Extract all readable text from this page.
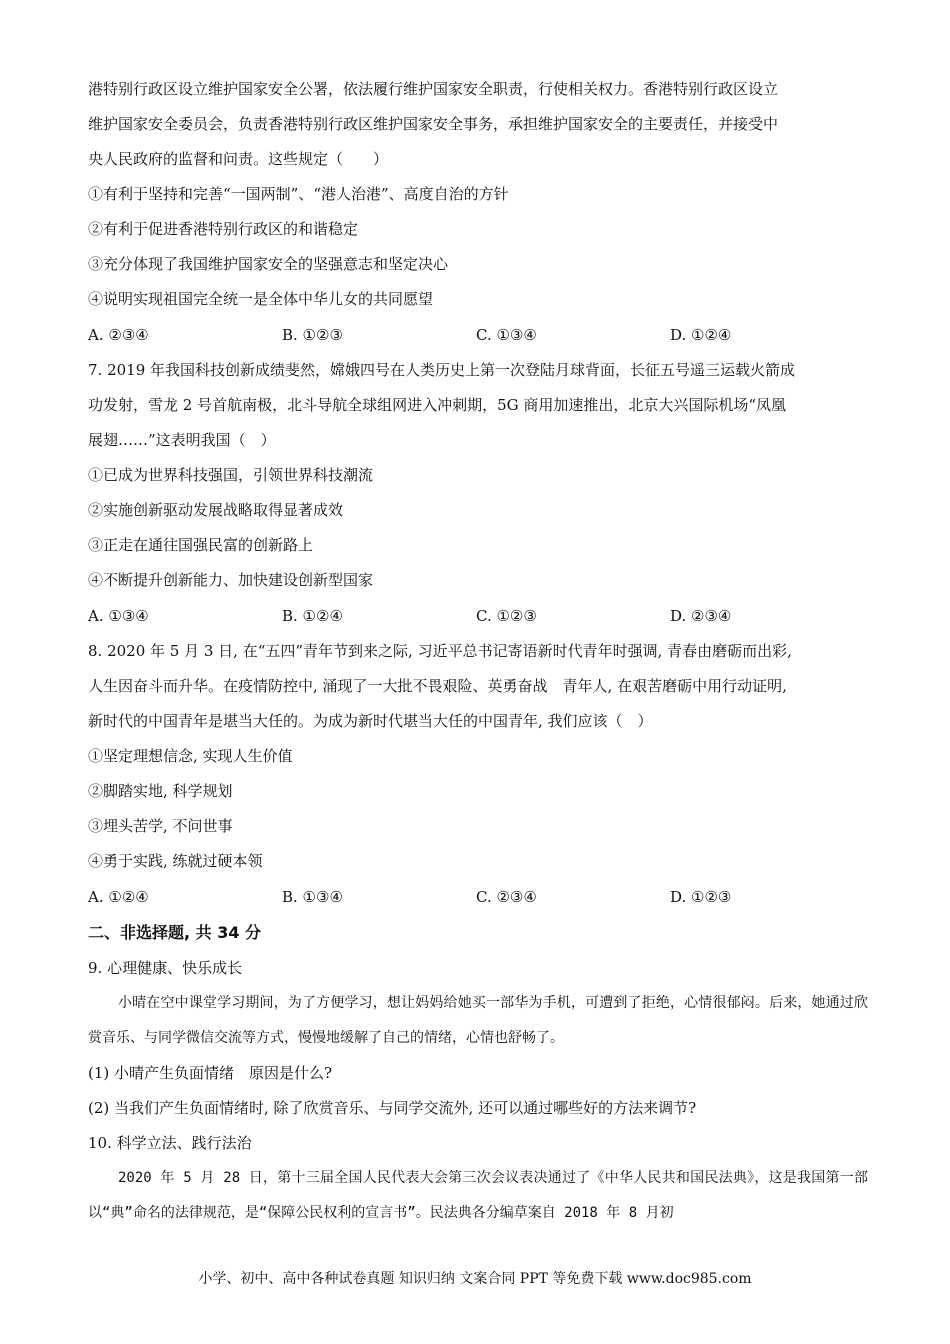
港特别行政区设立维护国家安全公署，依法履行维护国家安全职责，行使相关权力。香港特别行政区设立
维护国家安全委员会，负责香港特别行政区维护国家安全事务，承担维护国家安全的主要责任，并接受中
央人民政府的监督和问责。这些规定（　　）
①有利于坚持和完善“一国两制”、“港人治港”、高度自治的方针
②有利于促进香港特别行政区的和谐稳定
③充分体现了我国维护国家安全的坚强意志和坚定决心
④说明实现祖国完全统一是全体中华儿女的共同愿望
A. ②③④	B. ①②③	C. ①③④	D. ①②④
7. 2019 年我国科技创新成绩斐然，嫦娥四号在人类历史上第一次登陆月球背面，长征五号遥三运载火箭成
功发射，雪龙 2 号首航南极，北斗导航全球组网进入冲刺期，5G 商用加速推出，北京大兴国际机场“凤凰
展翅……”这表明我国（　）
①已成为世界科技强国，引领世界科技潮流
②实施创新驱动发展战略取得显著成效
③正走在通往国强民富的创新路上
④不断提升创新能力、加快建设创新型国家
A. ①③④	B. ①②④	C. ①②③	D. ②③④
8. 2020 年 5 月 3 日, 在“五四”青年节到来之际, 习近平总书记寄语新时代青年时强调, 青春由磨砺而出彩,
人生因奋斗而升华。在疫情防控中, 涌现了一大批不畏艰险、英勇奋战　青年人, 在艰苦磨砺中用行动证明,
新时代的中国青年是堪当大任的。为成为新时代堪当大任的中国青年, 我们应该（　）
①坚定理想信念, 实现人生价值
②脚踏实地, 科学规划
③埋头苦学, 不问世事
④勇于实践, 练就过硬本领
A. ①②④	B. ①③④	C. ②③④	D. ①②③
二、非选择题, 共 34 分
9. 心理健康、快乐成长
小晴在空中课堂学习期间，为了方便学习，想让妈妈给她买一部华为手机，可遭到了拒绝，心情很郁闷。后来，她通过欣赏音乐、与同学微信交流等方式，慢慢地缓解了自己的情绪，心情也舒畅了。
(1) 小晴产生负面情绪　原因是什么?
(2) 当我们产生负面情绪时, 除了欣赏音乐、与同学交流外, 还可以通过哪些好的方法来调节?
10. 科学立法、践行法治
2020 年 5 月 28 日，第十三届全国人民代表大会第三次会议表决通过了《中华人民共和国民法典》，这是我国第一部以“典”命名的法律规范，是“保障公民权利的宣言书”。民法典各分编草案自 2018 年 8 月初
小学、初中、高中各种试卷真题 知识归纳 文案合同 PPT 等免费下载 www.doc985.com
